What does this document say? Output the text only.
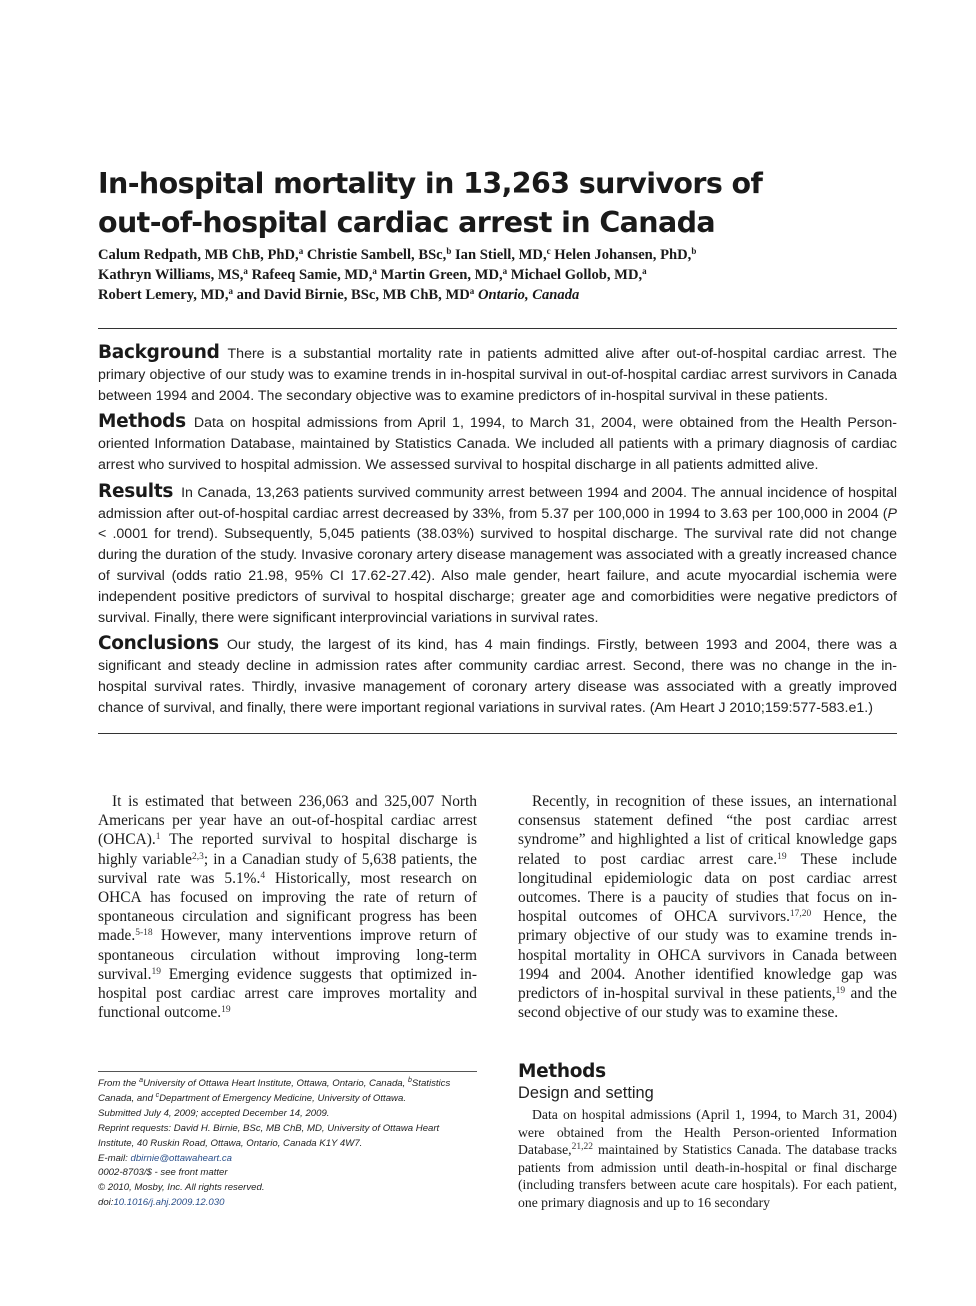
In-hospital mortality in 13,263 survivors of
out-of-hospital cardiac arrest in Canada
Calum Redpath, MB ChB, PhD,$^a$ Christie Sambell, BSc,$^b$ Ian Stiell, MD,$^c$ Helen Johansen, PhD,$^b$
Kathryn Williams, MS,$^a$ Rafeeq Samie, MD,$^a$ Martin Green, MD,$^a$ Michael Gollob, MD,$^a$
Robert Lemery, MD,$^a$ and David Birnie, BSc, MB ChB, $MD^a$ Ontario, Canada

Background There is a substantial mortality rate in patients admitted alive after out-of-hospital cardiac arrest. The primary objective of our study was to examine trends in in-hospital survival in out-of-hospital cardiac arrest survivors in Canada between 1994 and 2004. The secondary objective was to examine predictors of in-hospital survival in these patients.

Methods Data on hospital admissions from April 1, 1994, to March 31, 2004, were obtained from the Health Person-oriented Information Database, maintained by Statistics Canada. We included all patients with a primary diagnosis of cardiac arrest who survived to hospital admission. We assessed survival to hospital discharge in all patients admitted alive.

Results In Canada, 13,263 patients survived community arrest between 1994 and 2004. The annual incidence of hospital admission after out-of-hospital cardiac arrest decreased by 33%, from 5.37 per 100,000 in 1994 to 3.63 per 100,000 in 2004 (P < .0001 for trend). Subsequently, 5,045 patients (38.03%) survived to hospital discharge. The survival rate did not change during the duration of the study. Invasive coronary artery disease management was associated with a greatly increased chance of survival (odds ratio 21.98, 95% CI 17.62-27.42). Also male gender, heart failure, and acute myocardial ischemia were independent positive predictors of survival to hospital discharge; greater age and comorbidities were negative predictors of survival. Finally, there were significant interprovincial variations in survival rates.

Conclusions Our study, the largest of its kind, has 4 main findings. Firstly, between 1993 and 2004, there was a significant and steady decline in admission rates after community cardiac arrest. Second, there was no change in the in-hospital survival rates. Thirdly, invasive management of coronary artery disease was associated with a greatly improved chance of survival, and finally, there were important regional variations in survival rates. (Am Heart J 2010;159:577-583.e1.)

It is estimated that between 236,063 and 325,007 North Americans per year have an out-of-hospital cardiac arrest (OHCA).$^1$ The reported survival to hospital discharge is highly variable$^{2,3}$; in a Canadian study of 5,638 patients, the survival rate was 5.1%.$^4$ Historically, most research on OHCA has focused on improving the rate of return of spontaneous circulation and significant progress has been made.$^{5-18}$ However, many interventions improve return of spontaneous circulation without improving long-term survival.$^{19}$ Emerging evidence suggests that optimized in-hospital post cardiac arrest care improves mortality and functional outcome.$^{19}$

Recently, in recognition of these issues, an international consensus statement defined “the post cardiac arrest syndrome” and highlighted a list of critical knowledge gaps related to post cardiac arrest care.$^{19}$ These include longitudinal epidemiologic data on post cardiac arrest outcomes. There is a paucity of studies that focus on in-hospital outcomes of OHCA survivors.$^{17,20}$ Hence, the primary objective of our study was to examine trends in-hospital mortality in OHCA survivors in Canada between 1994 and 2004. Another identified knowledge gap was predictors of in-hospital survival in these patients,$^{19}$ and the second objective of our study was to examine these.

Methods
Design and setting

Data on hospital admissions (April 1, 1994, to March 31, 2004) were obtained from the Health Person-oriented Information Database,$^{21,22}$ maintained by Statistics Canada. The database tracks patients from admission until death-in-hospital or final discharge (including transfers between acute care hospitals). For each patient, one primary diagnosis and up to 16 secondary

From the $^a$University of Ottawa Heart Institute, Ottawa, Ontario, Canada, $^b$Statistics Canada, and $^c$Department of Emergency Medicine, University of Ottawa.
Submitted July 4, 2009; accepted December 14, 2009.
Reprint requests: David H. Birnie, BSc, MB ChB, MD, University of Ottawa Heart Institute, 40 Ruskin Road, Ottawa, Ontario, Canada K1Y 4W7.
E-mail: dbirnie@ottawaheart.ca
0002-8703/$ - see front matter
© 2010, Mosby, Inc. All rights reserved.
doi:10.1016/j.ahj.2009.12.030
